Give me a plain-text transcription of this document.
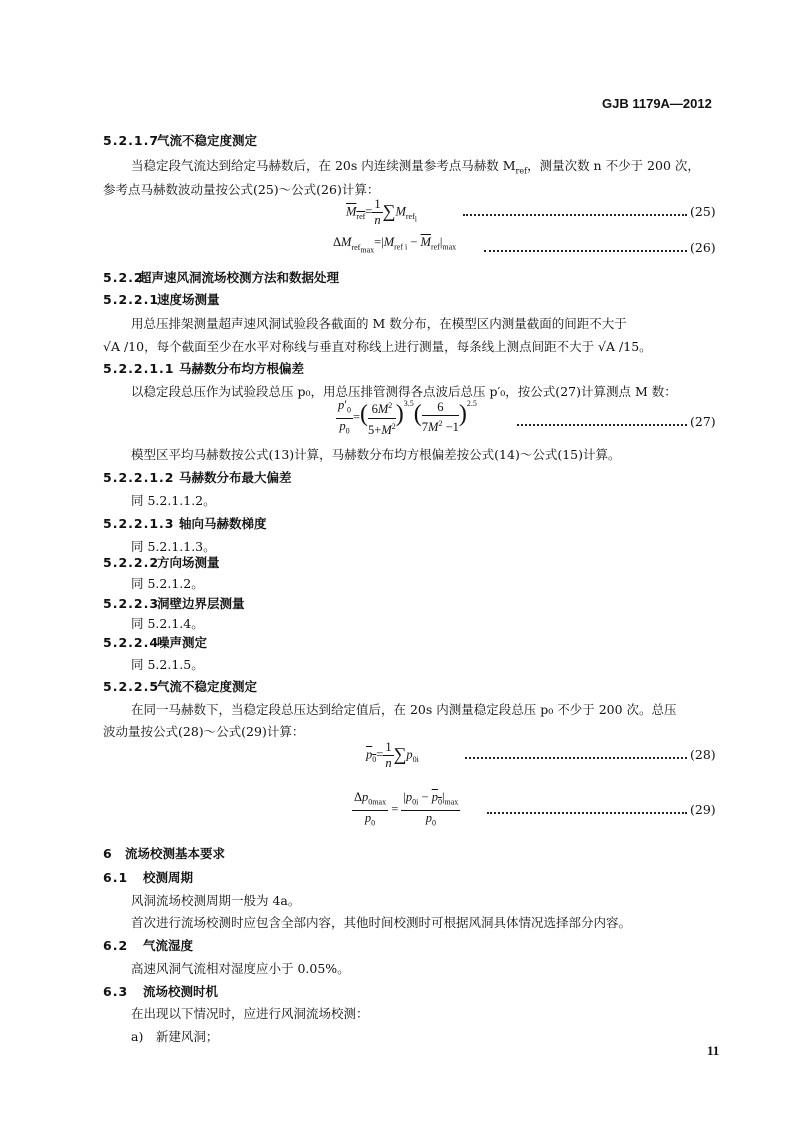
GJB 1179A—2012
5.2.1.7气流不稳定度测定
当稳定段气流达到给定马赫数后，在 20s 内连续测量参考点马赫数 $M_{ref}$，测量次数 n 不少于 200 次，
参考点马赫数波动量按公式(25)～公式(26)计算：
$\overline{M}_{\overline{ref}}= \frac{1}{n} \sum M_{ref_i}$	(25)
$\Delta M_{ref_{max}}=|M_{ref i} - \overline{M}_{ref}|_{max}$	(26)
5.2.2超声速风洞流场校测方法和数据处理
5.2.2.1速度场测量
用总压排架测量超声速风洞试验段各截面的 M 数分布，在模型区内测量截面的间距不大于
√A /10，每个截面至少在水平对称线与垂直对称线上进行测量，每条线上测点间距不大于 √A /15。
5.2.2.1.1 马赫数分布均方根偏差
以稳定段总压作为试验段总压 p₀，用总压排管测得各点波后总压 p′₀，按公式(27)计算测点 M 数：
$\frac{p'_0}{p_0}$ =( $\frac{6M^2}{5+M^2} )^{3.5}( \frac{6}{7M^2 -1} )^{2.5}$
(27)
模型区平均马赫数按公式(13)计算，马赫数分布均方根偏差按公式(14)～公式(15)计算。
5.2.2.1.2 马赫数分布最大偏差
同 5.2.1.1.2。
5.2.2.1.3 轴向马赫数梯度
同 5.2.1.1.3。
5.2.2.2方向场测量
同 5.2.1.2。
5.2.2.3洞壁边界层测量
同 5.2.1.4。
5.2.2.4噪声测定
同 5.2.1.5。
5.2.2.5气流不稳定度测定
在同一马赫数下，当稳定段总压达到给定值后，在 20s 内测量稳定段总压 p₀ 不少于 200 次。总压
波动量按公式(28)～公式(29)计算：
$\overline{p}_0= \frac{1}{n} \sum p_{0i}$	(28)
$\frac{\Delta p_{0max}}{p_0} = \frac{|p_{0i} - \overline{p}_0|_{max}}{p_0}$	(29)
6 流场校测基本要求
6.1 校测周期
风洞流场校测周期一般为 4a。
首次进行流场校测时应包含全部内容，其他时间校测时可根据风洞具体情况选择部分内容。
6.2 气流湿度
高速风洞气流相对湿度应小于 0.05%。
6.3 流场校测时机
在出现以下情况时，应进行风洞流场校测：
a)　新建风洞；
11
